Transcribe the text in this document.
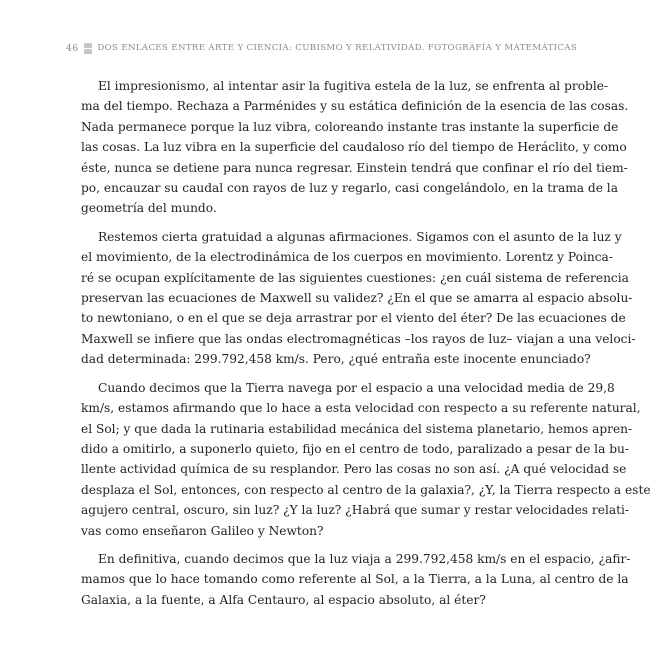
46 DOS ENLACES ENTRE ARTE Y CIENCIA: CUBISMO Y RELATIVIDAD. FOTOGRAFÍA Y MATEMÁTICAS
El impresionismo, al intentar asir la fugitiva estela de la luz, se enfrenta al proble-
ma del tiempo. Rechaza a Parménides y su estática definición de la esencia de las cosas.
Nada permanece porque la luz vibra, coloreando instante tras instante la superficie de
las cosas. La luz vibra en la superficie del caudaloso río del tiempo de Heráclito, y como
éste, nunca se detiene para nunca regresar. Einstein tendrá que confinar el río del tiem-
po, encauzar su caudal con rayos de luz y regarlo, casi congelándolo, en la trama de la
geometría del mundo.
Restemos cierta gratuidad a algunas afirmaciones. Sigamos con el asunto de la luz y
el movimiento, de la electrodinámica de los cuerpos en movimiento. Lorentz y Poinca-
ré se ocupan explícitamente de las siguientes cuestiones: ¿en cuál sistema de referencia
preservan las ecuaciones de Maxwell su validez? ¿En el que se amarra al espacio absolu-
to newtoniano, o en el que se deja arrastrar por el viento del éter? De las ecuaciones de
Maxwell se infiere que las ondas electromagnéticas –los rayos de luz– viajan a una veloci-
dad determinada: 299.792,458 km/s. Pero, ¿qué entraña este inocente enunciado?
Cuando decimos que la Tierra navega por el espacio a una velocidad media de 29,8
km/s, estamos afirmando que lo hace a esta velocidad con respecto a su referente natural,
el Sol; y que dada la rutinaria estabilidad mecánica del sistema planetario, hemos apren-
dido a omitirlo, a suponerlo quieto, fijo en el centro de todo, paralizado a pesar de la bu-
llente actividad química de su resplandor. Pero las cosas no son así. ¿A qué velocidad se
desplaza el Sol, entonces, con respecto al centro de la galaxia?, ¿Y, la Tierra respecto a este
agujero central, oscuro, sin luz? ¿Y la luz? ¿Habrá que sumar y restar velocidades relati-
vas como enseñaron Galileo y Newton?
En definitiva, cuando decimos que la luz viaja a 299.792,458 km/s en el espacio, ¿afir-
mamos que lo hace tomando como referente al Sol, a la Tierra, a la Luna, al centro de la
Galaxia, a la fuente, a Alfa Centauro, al espacio absoluto, al éter?
